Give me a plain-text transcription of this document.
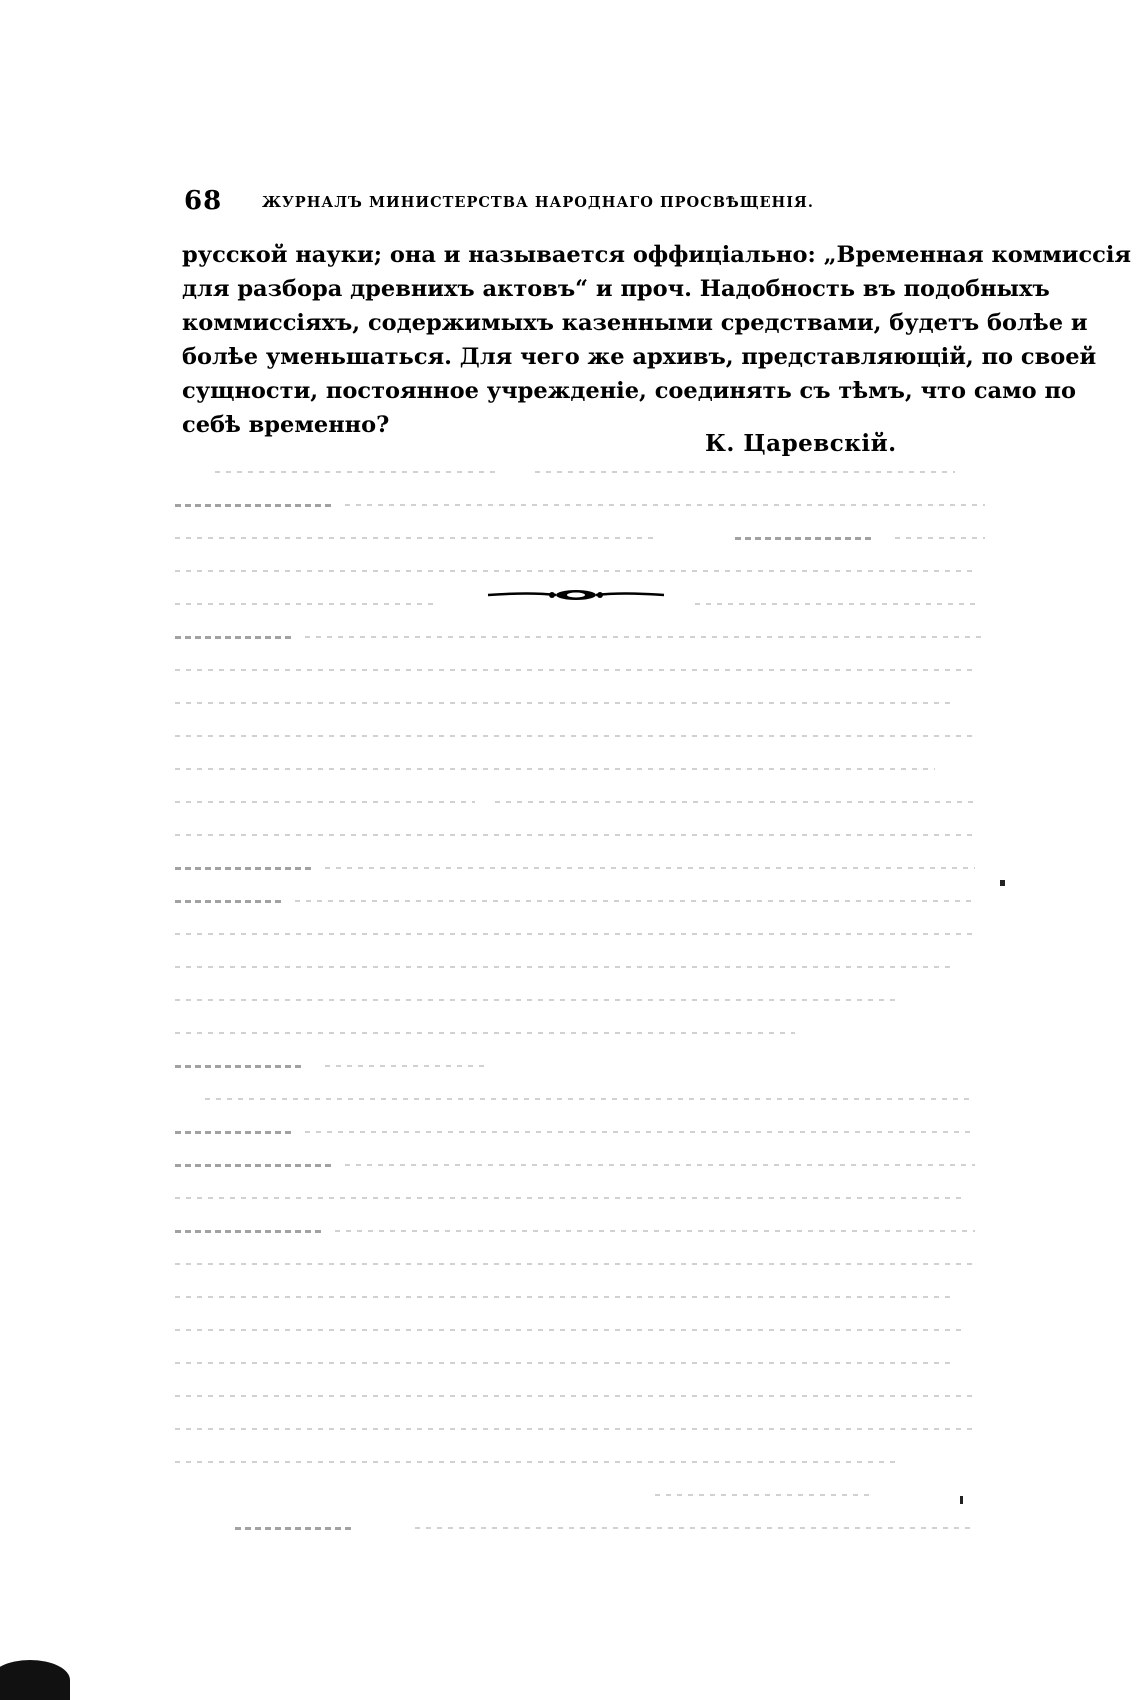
68	ЖУРНАЛЪ МИНИСТЕРСТВА НАРОДНАГО ПРОСВѢЩЕНІЯ.
русской науки; она и называется оффиціально: „Временная коммиссія
для разбора древнихъ актовъ“ и проч. Надобность въ подобныхъ
коммиссіяхъ, содержимыхъ казенными средствами, будетъ болѣе и
болѣе уменьшаться. Для чего же архивъ, представляющій, по своей
сущности, постоянное учрежденіе, соединять съ тѣмъ, что само по
себѣ временно?
К. Царевскій.
